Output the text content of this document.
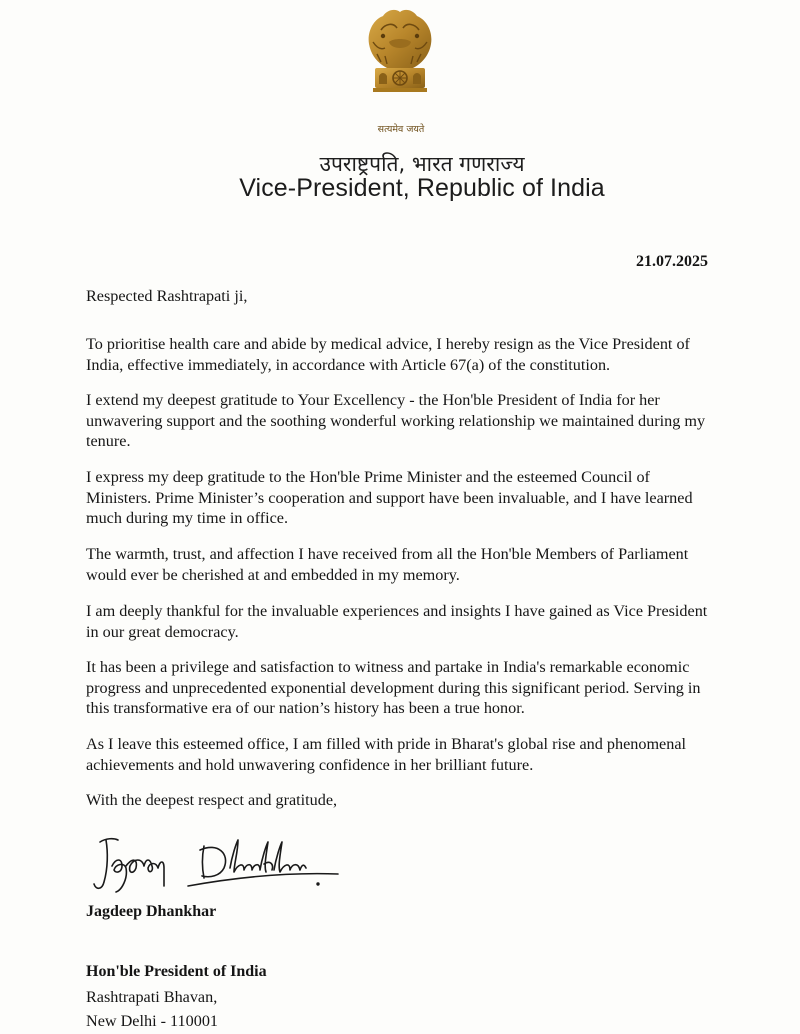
सत्यमेव जयते
उपराष्ट्रपति, भारत गणराज्य
Vice-President, Republic of India
21.07.2025

Respected Rashtrapati ji,

To prioritise health care and abide by medical advice, I hereby resign as the Vice President of India, effective immediately, in accordance with Article 67(a) of the constitution.

I extend my deepest gratitude to Your Excellency - the Hon'ble President of India for her unwavering support and the soothing wonderful working relationship we maintained during my tenure.

I express my deep gratitude to the Hon'ble Prime Minister and the esteemed Council of Ministers. Prime Minister’s cooperation and support have been invaluable, and I have learned much during my time in office.

The warmth, trust, and affection I have received from all the Hon'ble Members of Parliament would ever be cherished at and embedded in my memory.

I am deeply thankful for the invaluable experiences and insights I have gained as Vice President in our great democracy.

It has been a privilege and satisfaction to witness and partake in India's remarkable economic progress and unprecedented exponential development during this significant period. Serving in this transformative era of our nation’s history has been a true honor.

As I leave this esteemed office, I am filled with pride in Bharat's global rise and phenomenal achievements and hold unwavering confidence in her brilliant future.

With the deepest respect and gratitude,

Jagdeep Dhankhar
Hon'ble President of India
Rashtrapati Bhavan,
New Delhi - 110001
